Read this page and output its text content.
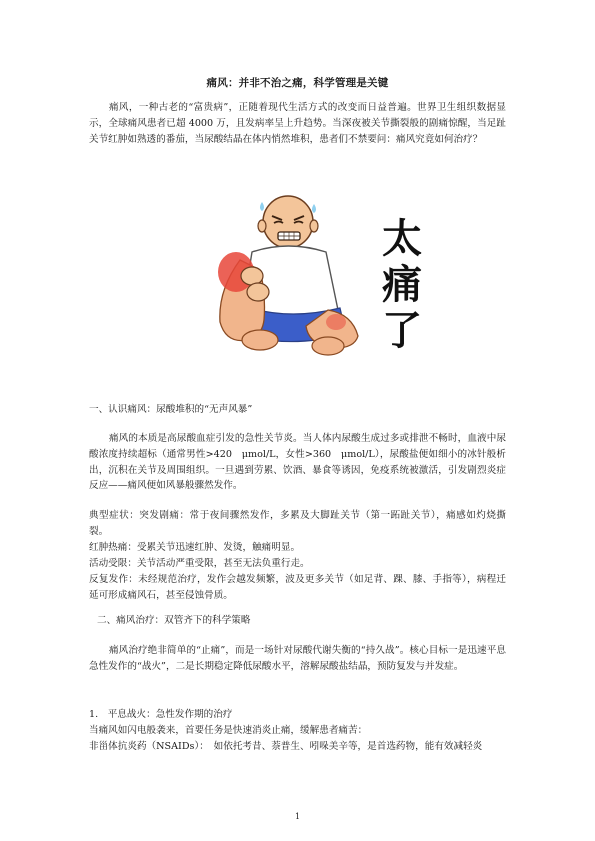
痛风：并非不治之痛，科学管理是关键

痛风，一种古老的“富贵病”，正随着现代生活方式的改变而日益普遍。世界卫生组织数据显示，全球痛风患者已超 4000 万，且发病率呈上升趋势。当深夜被关节撕裂般的剧痛惊醒，当足趾关节红肿如熟透的番茄，当尿酸结晶在体内悄然堆积，患者们不禁要问：痛风究竟如何治疗？

太
痛
了
一、认识痛风：尿酸堆积的“无声风暴”

痛风的本质是高尿酸血症引发的急性关节炎。当人体内尿酸生成过多或排泄不畅时，血液中尿酸浓度持续超标（通常男性>420　μmol/L，女性>360　μmol/L），尿酸盐便如细小的冰针般析出，沉积在关节及周围组织。一旦遇到劳累、饮酒、暴食等诱因，免疫系统被激活，引发剧烈炎症反应——痛风便如风暴般骤然发作。

典型症状：突发剧痛：常于夜间骤然发作，多累及大脚趾关节（第一跖趾关节），痛感如灼烧撕裂。

红肿热痛：受累关节迅速红肿、发烫，触痛明显。

活动受限：关节活动严重受限，甚至无法负重行走。

反复发作：未经规范治疗，发作会越发频繁，波及更多关节（如足背、踝、膝、手指等），病程迁延可形成痛风石，甚至侵蚀骨质。

二、痛风治疗：双管齐下的科学策略

痛风治疗绝非简单的“止痛”，而是一场针对尿酸代谢失衡的“持久战”。核心目标一是迅速平息急性发作的“战火”，二是长期稳定降低尿酸水平，溶解尿酸盐结晶，预防复发与并发症。

1.　平息战火：急性发作期的治疗

当痛风如闪电般袭来，首要任务是快速消炎止痛，缓解患者痛苦：

非甾体抗炎药（NSAIDs）：　如依托考昔、萘普生、吲哚美辛等，是首选药物，能有效减轻炎

1
